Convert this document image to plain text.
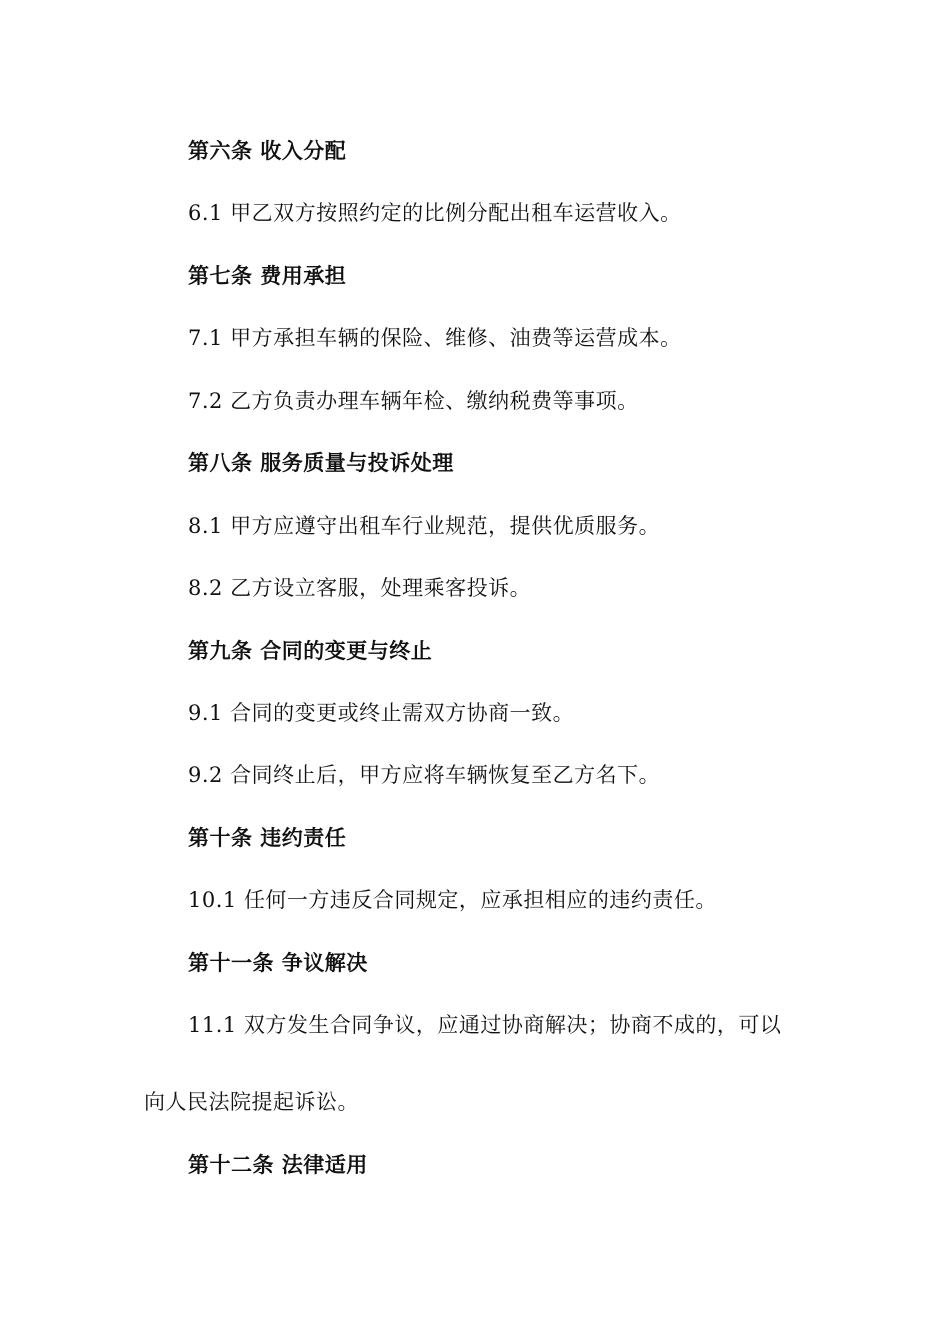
第六条 收入分配
6.1 甲乙双方按照约定的比例分配出租车运营收入。
第七条 费用承担
7.1 甲方承担车辆的保险、维修、油费等运营成本。
7.2 乙方负责办理车辆年检、缴纳税费等事项。
第八条 服务质量与投诉处理
8.1 甲方应遵守出租车行业规范，提供优质服务。
8.2 乙方设立客服，处理乘客投诉。
第九条 合同的变更与终止
9.1 合同的变更或终止需双方协商一致。
9.2 合同终止后，甲方应将车辆恢复至乙方名下。
第十条 违约责任
10.1 任何一方违反合同规定，应承担相应的违约责任。
第十一条 争议解决
11.1 双方发生合同争议，应通过协商解决；协商不成的，可以
向人民法院提起诉讼。
第十二条 法律适用
